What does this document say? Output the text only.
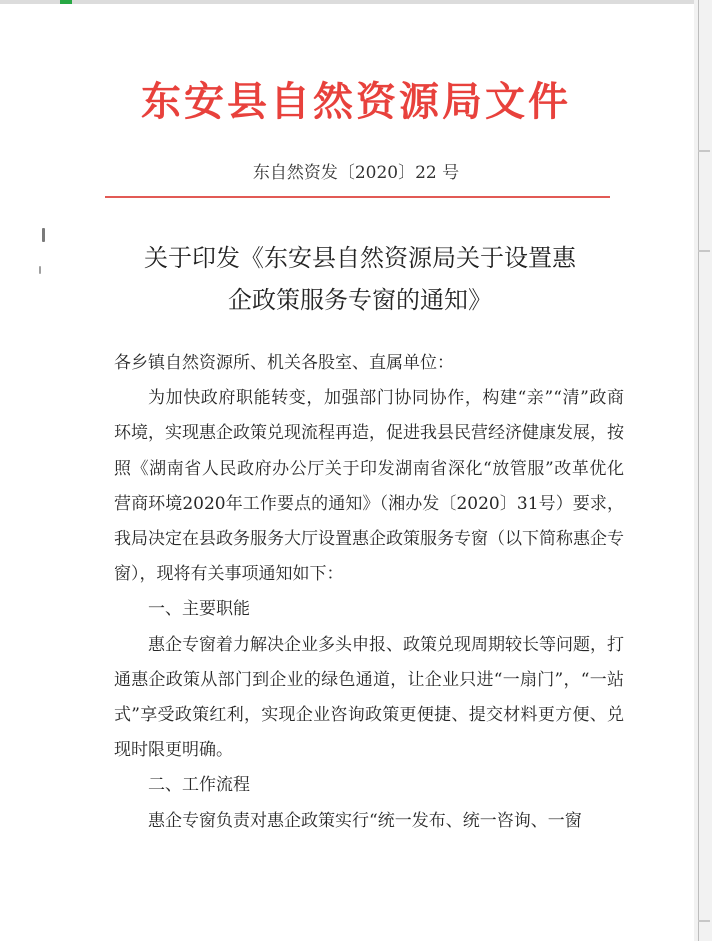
东安县自然资源局文件
东自然资发〔2020〕22 号
关于印发《东安县自然资源局关于设置惠
企政策服务专窗的通知》

各乡镇自然资源所、机关各股室、直属单位：

为加快政府职能转变，加强部门协同协作，构建“亲”“清”政商环境，实现惠企政策兑现流程再造，促进我县民营经济健康发展，按照《湖南省人民政府办公厅关于印发湖南省深化“放管服”改革优化营商环境2020年工作要点的通知》（湘办发〔2020〕31号）要求，我局决定在县政务服务大厅设置惠企政策服务专窗（以下简称惠企专窗），现将有关事项通知如下：

一、主要职能

惠企专窗着力解决企业多头申报、政策兑现周期较长等问题，打通惠企政策从部门到企业的绿色通道，让企业只进“一扇门”，“一站式”享受政策红利，实现企业咨询政策更便捷、提交材料更方便、兑现时限更明确。

二、工作流程

惠企专窗负责对惠企政策实行“统一发布、统一咨询、一窗
